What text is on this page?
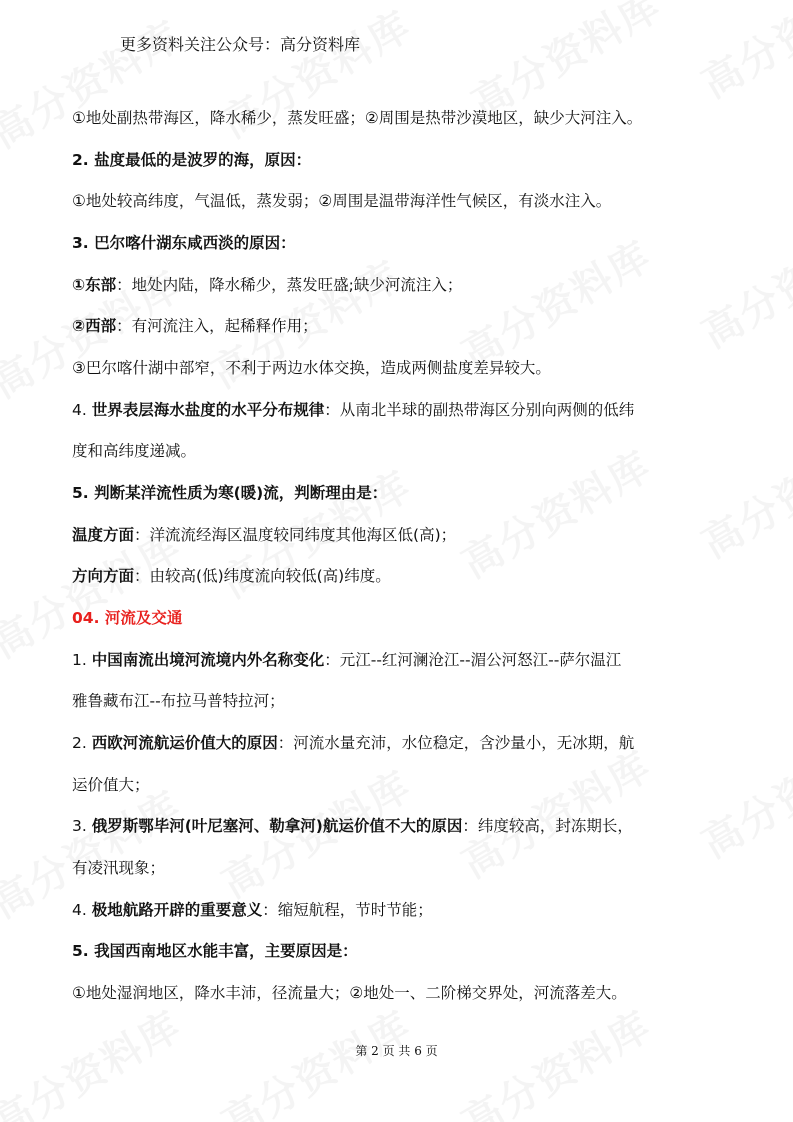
更多资料关注公众号：高分资料库
①地处副热带海区，降水稀少，蒸发旺盛；②周围是热带沙漠地区，缺少大河注入。
2. 盐度最低的是波罗的海，原因：
①地处较高纬度，气温低，蒸发弱；②周围是温带海洋性气候区，有淡水注入。
3. 巴尔喀什湖东咸西淡的原因：
①东部：地处内陆，降水稀少，蒸发旺盛;缺少河流注入；
②西部：有河流注入，起稀释作用；
③巴尔喀什湖中部窄，不利于两边水体交换，造成两侧盐度差异较大。
4. 世界表层海水盐度的水平分布规律：从南北半球的副热带海区分别向两侧的低纬
度和高纬度递减。
5. 判断某洋流性质为寒(暖)流，判断理由是：
温度方面：洋流流经海区温度较同纬度其他海区低(高)；
方向方面：由较高(低)纬度流向较低(高)纬度。
04. 河流及交通
1. 中国南流出境河流境内外名称变化：元江--红河澜沧江--湄公河怒江--萨尔温江
雅鲁藏布江--布拉马普特拉河；
2. 西欧河流航运价值大的原因：河流水量充沛，水位稳定，含沙量小，无冰期，航
运价值大；
3. 俄罗斯鄂毕河(叶尼塞河、勒拿河)航运价值不大的原因：纬度较高，封冻期长，
有凌汛现象；
4. 极地航路开辟的重要意义：缩短航程，节时节能；
5. 我国西南地区水能丰富，主要原因是：
①地处湿润地区，降水丰沛，径流量大；②地处一、二阶梯交界处，河流落差大。
第 2 页 共 6 页
